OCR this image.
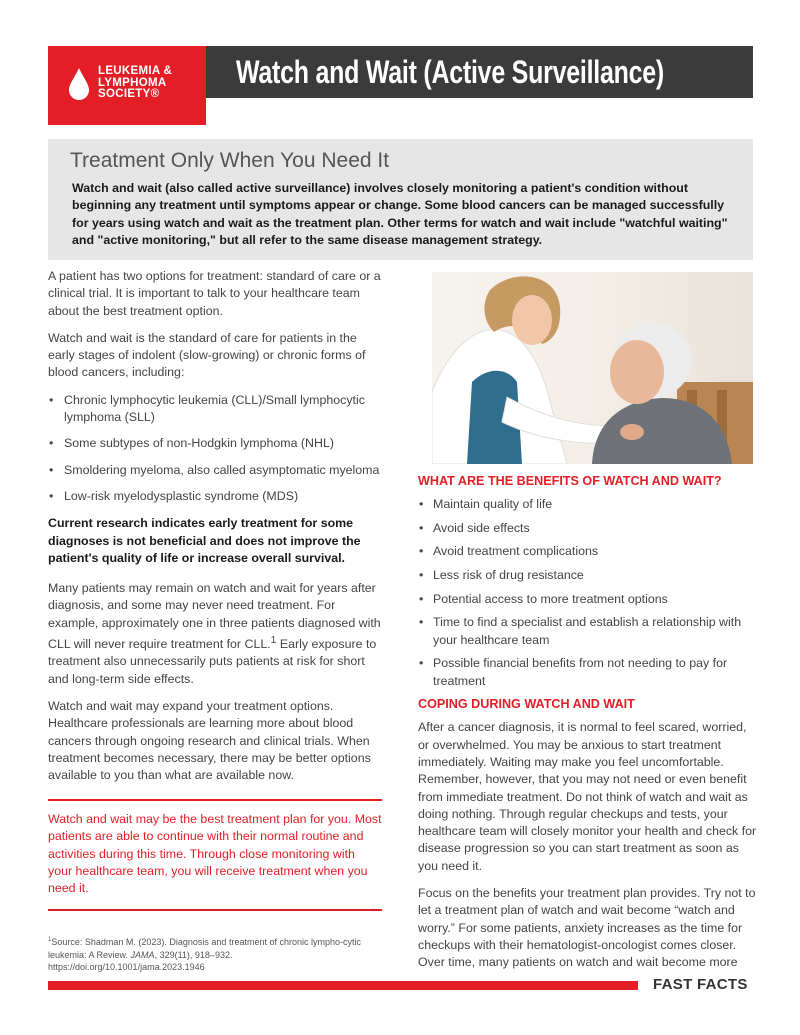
LEUKEMIA &
LYMPHOMA
SOCIETY®
Watch and Wait (Active Surveillance)
Treatment Only When You Need It

Watch and wait (also called active surveillance) involves closely monitoring a patient's condition without beginning any treatment until symptoms appear or change. Some blood cancers can be managed successfully for years using watch and wait as the treatment plan. Other terms for watch and wait include "watchful waiting" and "active monitoring," but all refer to the same disease management strategy.

A patient has two options for treatment: standard of care or a clinical trial. It is important to talk to your healthcare team about the best treatment option.

Watch and wait is the standard of care for patients in the early stages of indolent (slow-growing) or chronic forms of blood cancers, including:

• Chronic lymphocytic leukemia (CLL)/Small lymphocytic lymphoma (SLL)
• Some subtypes of non-Hodgkin lymphoma (NHL)
• Smoldering myeloma, also called asymptomatic myeloma
• Low-risk myelodysplastic syndrome (MDS)

Current research indicates early treatment for some diagnoses is not beneficial and does not improve the patient's quality of life or increase overall survival.

Many patients may remain on watch and wait for years after diagnosis, and some may never need treatment. For example, approximately one in three patients diagnosed with CLL will never require treatment for CLL.$^1$ Early exposure to treatment also unnecessarily puts patients at risk for short and long-term side effects.

Watch and wait may expand your treatment options. Healthcare professionals are learning more about blood cancers through ongoing research and clinical trials. When treatment becomes necessary, there may be better options available to you than what are available now.

Watch and wait may be the best treatment plan for you. Most patients are able to continue with their normal routine and activities during this time. Through close monitoring with your healthcare team, you will receive treatment when you need it.

$^1$Source: Shadman M. (2023). Diagnosis and treatment of chronic lympho-cytic leukemia: A Review. JAMA, 329(11), 918–932. https://doi.org/10.1001/jama.2023.1946
WHAT ARE THE BENEFITS OF WATCH AND WAIT?
• Maintain quality of life
• Avoid side effects
• Avoid treatment complications
• Less risk of drug resistance
• Potential access to more treatment options
• Time to find a specialist and establish a relationship with your healthcare team
• Possible financial benefits from not needing to pay for treatment
COPING DURING WATCH AND WAIT

After a cancer diagnosis, it is normal to feel scared, worried, or overwhelmed. You may be anxious to start treatment immediately. Waiting may make you feel uncomfortable. Remember, however, that you may not need or even benefit from immediate treatment. Do not think of watch and wait as doing nothing. Through regular checkups and tests, your healthcare team will closely monitor your health and check for disease progression so you can start treatment as soon as you need it.

Focus on the benefits your treatment plan provides. Try not to let a treatment plan of watch and wait become “watch and worry.” For some patients, anxiety increases as the time for checkups with their hematologist-oncologist comes closer. Over time, many patients on watch and wait become more

FAST FACTS
